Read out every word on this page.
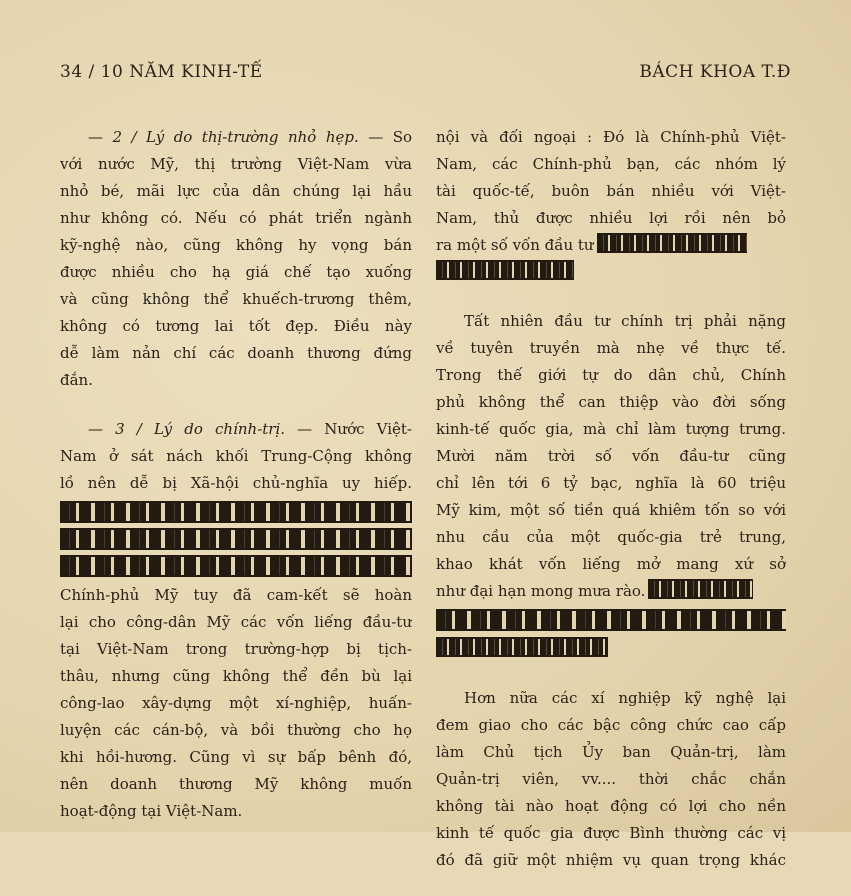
34 / 10 NĂM KINH-TẾ	BÁCH KHOA T.Đ

— 2 / Lý do thị-trường nhỏ hẹp. — So
với nước Mỹ, thị trường Việt-Nam vừa
nhỏ bé, mãi lực của dân chúng lại hầu
như không có. Nếu có phát triển ngành
kỹ-nghệ nào, cũng không hy vọng bán
được nhiều cho hạ giá chế tạo xuống
và cũng không thể khuếch-trương thêm,
không có tương lai tốt đẹp. Điều này
dễ làm nản chí các doanh thương đứng
đắn.

— 3 / Lý do chính-trị. — Nước Việt-
Nam ở sát nách khối Trung-Cộng không
lồ nên dễ bị Xã-hội chủ-nghĩa uy hiếp.
Chính-phủ Mỹ tuy đã cam-kết sẽ hoàn
lại cho công-dân Mỹ các vốn liếng đầu-tư
tại Việt-Nam trong trường-hợp bị tịch-
thâu, nhưng cũng không thể đền bù lại
công-lao xây-dựng một xí-nghiệp, huấn-
luyện các cán-bộ, và bồi thường cho họ
khi hồi-hương. Cũng vì sự bấp bênh đó,
nên doanh thương Mỹ không muốn
hoạt-động tại Việt-Nam.

nội và đối ngoại : Đó là Chính-phủ Việt-
Nam, các Chính-phủ bạn, các nhóm lý
tài quốc-tế, buôn bán nhiều với Việt-
Nam, thủ được nhiều lợi rồi nên bỏ
ra một số vốn đầu tư

Tất nhiên đầu tư chính trị phải nặng
về tuyên truyền mà nhẹ về thực tế.
Trong thế giới tự do dân chủ, Chính
phủ không thể can thiệp vào đời sống
kinh-tế quốc gia, mà chỉ làm tượng trưng.
Mười năm trời số vốn đầu-tư cũng
chỉ lên tới 6 tỷ bạc, nghĩa là 60 triệu
Mỹ kim, một số tiền quá khiêm tốn so với
nhu cầu của một quốc-gia trẻ trung,
khao khát vốn liếng mở mang xứ sở
như đại hạn mong mưa rào.

Hơn nữa các xí nghiệp kỹ nghệ lại
đem giao cho các bậc công chức cao cấp
làm Chủ tịch Ủy ban Quản-trị, làm
Quản-trị viên, vv.... thời chắc chắn
không tài nào hoạt động có lợi cho nền
kinh tế quốc gia được Bình thường các vị
đó đã giữ một nhiệm vụ quan trọng khác
